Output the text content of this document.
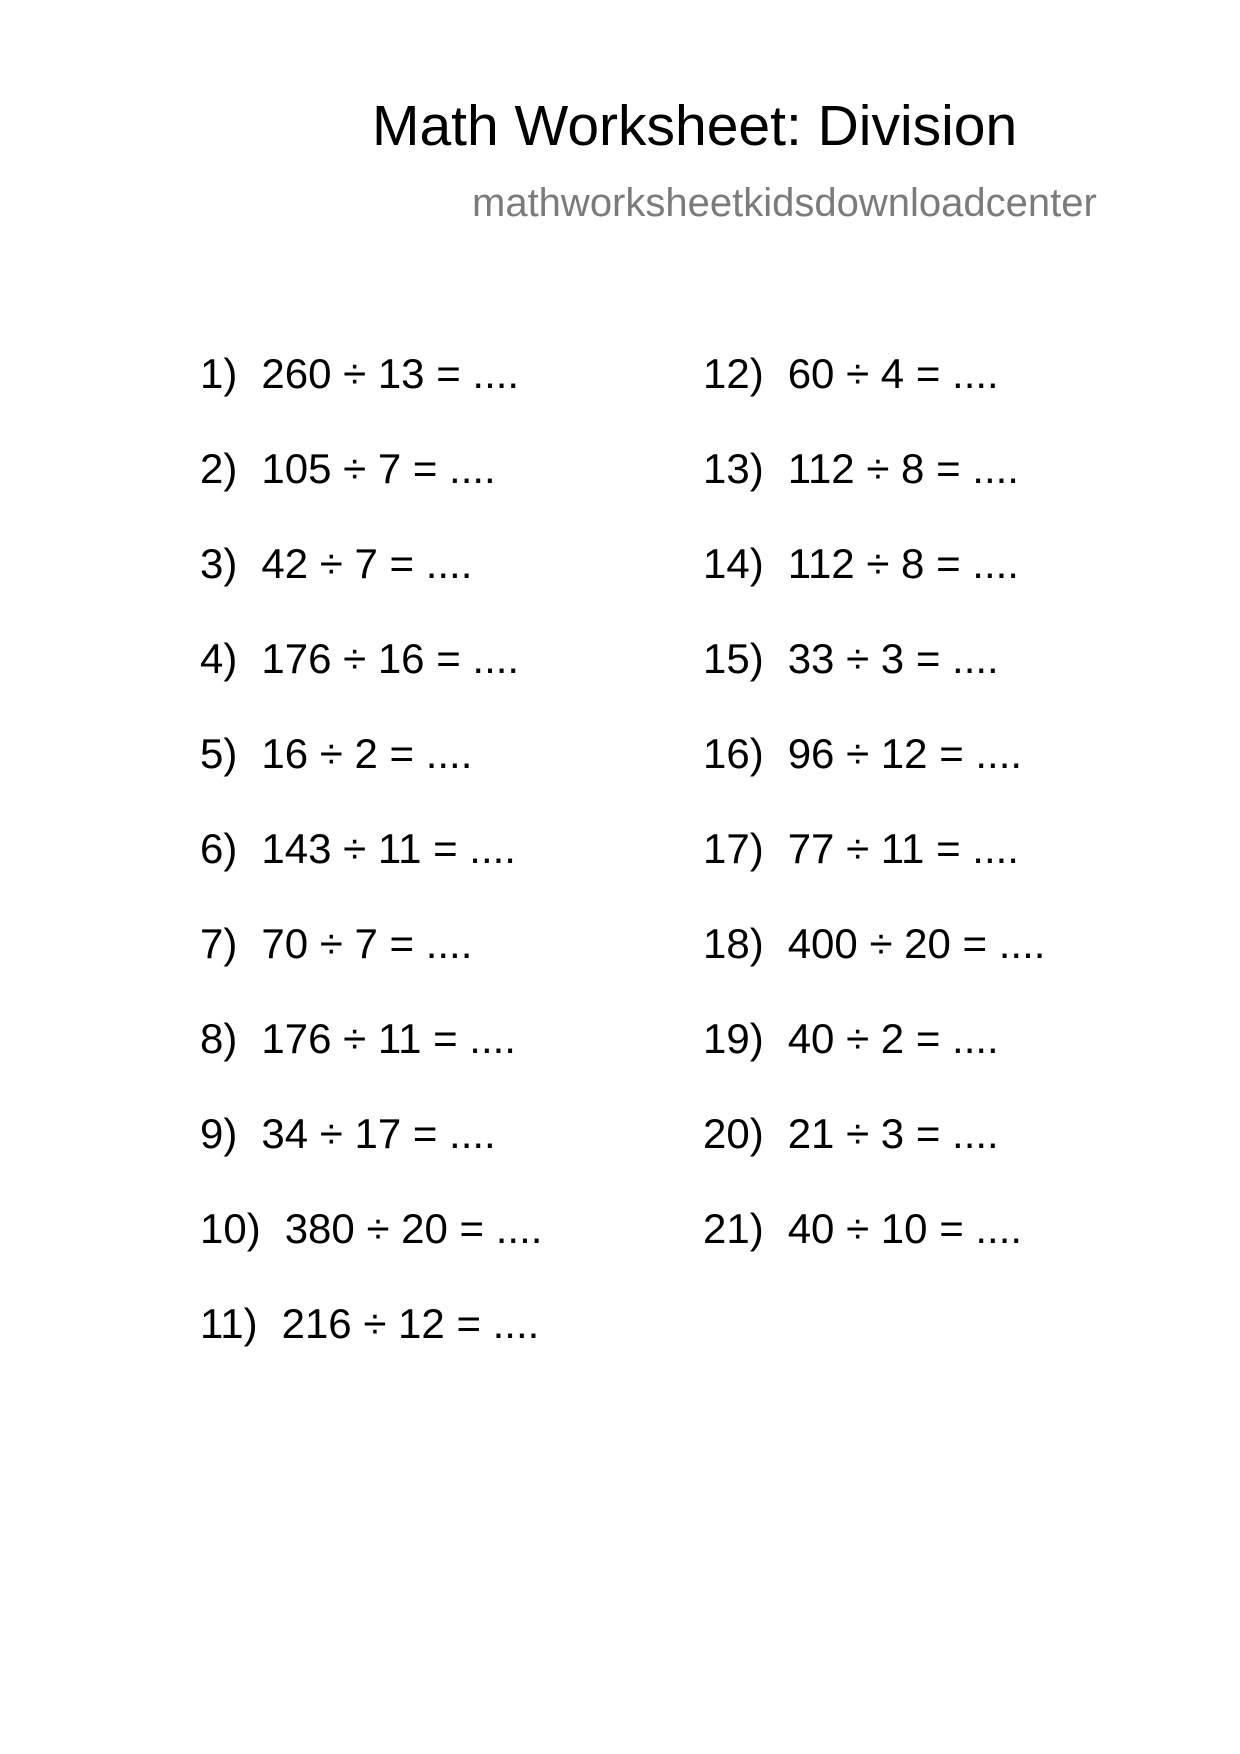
Math Worksheet: Division
mathworksheetkidsdownloadcenter
1) 260 ÷ 13 = ....
2) 105 ÷ 7 = ....
3) 42 ÷ 7 = ....
4) 176 ÷ 16 = ....
5) 16 ÷ 2 = ....
6) 143 ÷ 11 = ....
7) 70 ÷ 7 = ....
8) 176 ÷ 11 = ....
9) 34 ÷ 17 = ....
10) 380 ÷ 20 = ....
11) 216 ÷ 12 = ....
12) 60 ÷ 4 = ....
13) 112 ÷ 8 = ....
14) 112 ÷ 8 = ....
15) 33 ÷ 3 = ....
16) 96 ÷ 12 = ....
17) 77 ÷ 11 = ....
18) 400 ÷ 20 = ....
19) 40 ÷ 2 = ....
20) 21 ÷ 3 = ....
21) 40 ÷ 10 = ....
